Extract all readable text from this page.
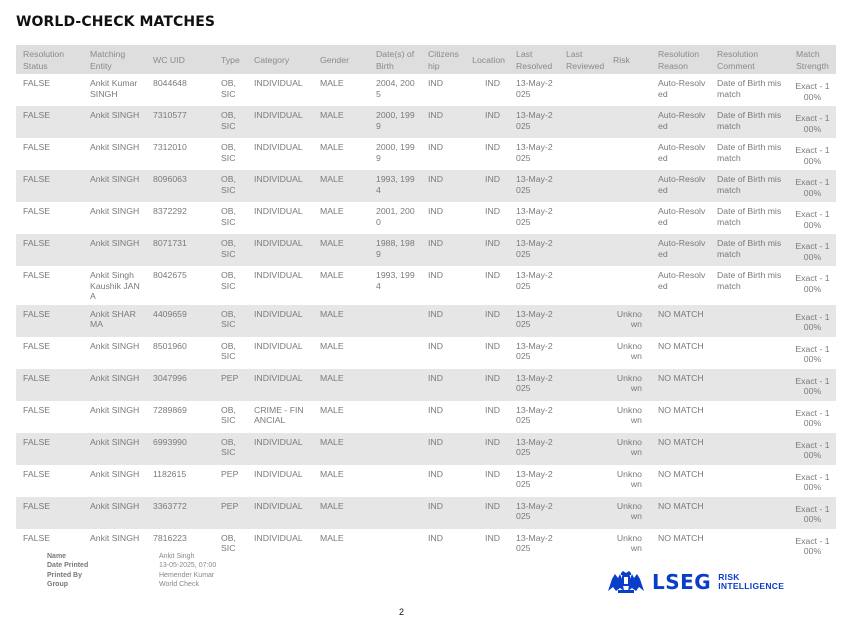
WORLD-CHECK MATCHES
Resolution Status	Matching Entity	WC UID	Type	Category	Gender	Date(s) of Birth	Citizenship	Location	Last Resolved	Last Reviewed	Risk	Resolution Reason	Resolution Comment	Match Strength
FALSE	Ankit Kumar SINGH	8044648	OB, SIC	INDIVIDUAL	MALE	2004, 2005	IND	IND	13-May-2025			Auto-Resolved	Date of Birth mismatch	Exact - 100%
FALSE	Ankit SINGH	7310577	OB, SIC	INDIVIDUAL	MALE	2000, 1999	IND	IND	13-May-2025			Auto-Resolved	Date of Birth mismatch	Exact - 100%
FALSE	Ankit SINGH	7312010	OB, SIC	INDIVIDUAL	MALE	2000, 1999	IND	IND	13-May-2025			Auto-Resolved	Date of Birth mismatch	Exact - 100%
FALSE	Ankit SINGH	8096063	OB, SIC	INDIVIDUAL	MALE	1993, 1994	IND	IND	13-May-2025			Auto-Resolved	Date of Birth mismatch	Exact - 100%
FALSE	Ankit SINGH	8372292	OB, SIC	INDIVIDUAL	MALE	2001, 2000	IND	IND	13-May-2025			Auto-Resolved	Date of Birth mismatch	Exact - 100%
FALSE	Ankit SINGH	8071731	OB, SIC	INDIVIDUAL	MALE	1988, 1989	IND	IND	13-May-2025			Auto-Resolved	Date of Birth mismatch	Exact - 100%
FALSE	Ankit Singh Kaushik JANA	8042675	OB, SIC	INDIVIDUAL	MALE	1993, 1994	IND	IND	13-May-2025			Auto-Resolved	Date of Birth mismatch	Exact - 100%
FALSE	Ankit SHARMA	4409659	OB, SIC	INDIVIDUAL	MALE		IND	IND	13-May-2025		Unknown	NO MATCH		Exact - 100%
FALSE	Ankit SINGH	8501960	OB, SIC	INDIVIDUAL	MALE		IND	IND	13-May-2025		Unknown	NO MATCH		Exact - 100%
FALSE	Ankit SINGH	3047996	PEP	INDIVIDUAL	MALE		IND	IND	13-May-2025		Unknown	NO MATCH		Exact - 100%
FALSE	Ankit SINGH	7289869	OB, SIC	CRIME - FINANCIAL	MALE		IND	IND	13-May-2025		Unknown	NO MATCH		Exact - 100%
FALSE	Ankit SINGH	6993990	OB, SIC	INDIVIDUAL	MALE		IND	IND	13-May-2025		Unknown	NO MATCH		Exact - 100%
FALSE	Ankit SINGH	1182615	PEP	INDIVIDUAL	MALE		IND	IND	13-May-2025		Unknown	NO MATCH		Exact - 100%
FALSE	Ankit SINGH	3363772	PEP	INDIVIDUAL	MALE		IND	IND	13-May-2025		Unknown	NO MATCH		Exact - 100%
FALSE	Ankit SINGH	7816223	OB, SIC	INDIVIDUAL	MALE		IND	IND	13-May-2025		Unknown	NO MATCH		Exact - 100%
Name	Ankit Singh
Date Printed	13-05-2025, 07:00
Printed By	Hemender Kumar
Group	World Check	LSEG RISK
INTELLIGENCE
2
